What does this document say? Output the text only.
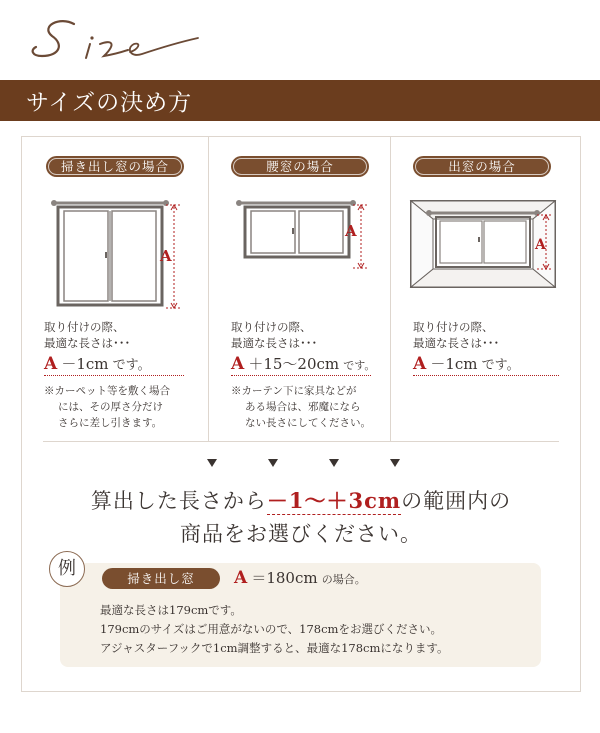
サイズの決め方
掃き出し窓の場合
A
取り付けの際、
最適な長さは･･･
A －1cm です。
※カーペット等を敷く場合
には、その厚さ分だけ
さらに差し引きます。
腰窓の場合
A
取り付けの際、
最適な長さは･･･
A ＋15～20cm です。
※カーテン下に家具などが
ある場合は、邪魔になら
ない長さにしてください。
出窓の場合
A
取り付けの際、
最適な長さは･･･
A －1cm です。
算出した長さから－1～＋3cmの範囲内の
商品をお選びください。
例	掃き出し窓	A ＝180cm の場合。
最適な長さは179cmです。
179cmのサイズはご用意がないので、178cmをお選びください。
アジャスターフックで1cm調整すると、最適な178cmになります。
